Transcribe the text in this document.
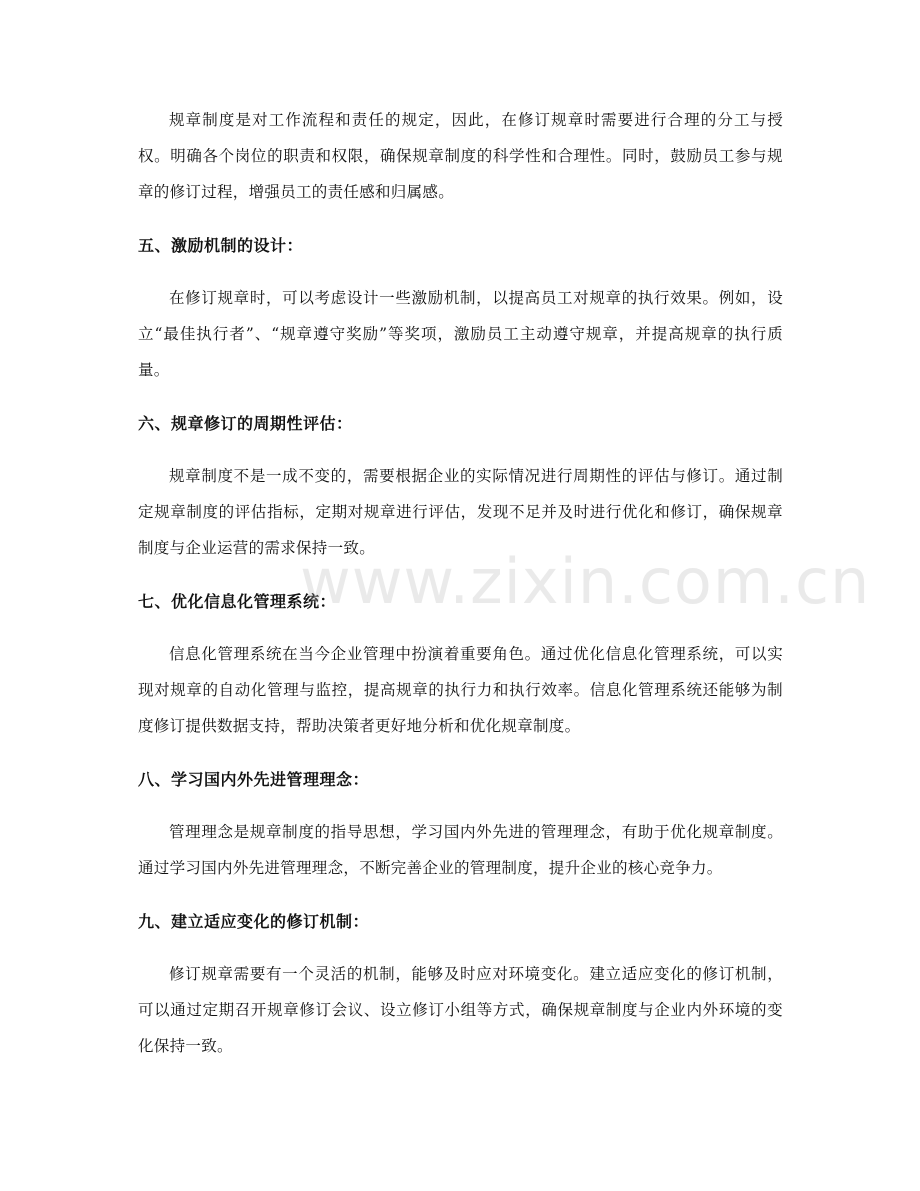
规章制度是对工作流程和责任的规定，因此，在修订规章时需要进行合理的分工与授权。明确各个岗位的职责和权限，确保规章制度的科学性和合理性。同时，鼓励员工参与规章的修订过程，增强员工的责任感和归属感。

五、激励机制的设计：

在修订规章时，可以考虑设计一些激励机制，以提高员工对规章的执行效果。例如，设立“最佳执行者”、“规章遵守奖励”等奖项，激励员工主动遵守规章，并提高规章的执行质量。

六、规章修订的周期性评估：

规章制度不是一成不变的，需要根据企业的实际情况进行周期性的评估与修订。通过制定规章制度的评估指标，定期对规章进行评估，发现不足并及时进行优化和修订，确保规章制度与企业运营的需求保持一致。

七、优化信息化管理系统：

信息化管理系统在当今企业管理中扮演着重要角色。通过优化信息化管理系统，可以实现对规章的自动化管理与监控，提高规章的执行力和执行效率。信息化管理系统还能够为制度修订提供数据支持，帮助决策者更好地分析和优化规章制度。

八、学习国内外先进管理理念：

管理理念是规章制度的指导思想，学习国内外先进的管理理念，有助于优化规章制度。通过学习国内外先进管理理念，不断完善企业的管理制度，提升企业的核心竞争力。

九、建立适应变化的修订机制：

修订规章需要有一个灵活的机制，能够及时应对环境变化。建立适应变化的修订机制，可以通过定期召开规章修订会议、设立修订小组等方式，确保规章制度与企业内外环境的变化保持一致。

www.zixin.com.cn
